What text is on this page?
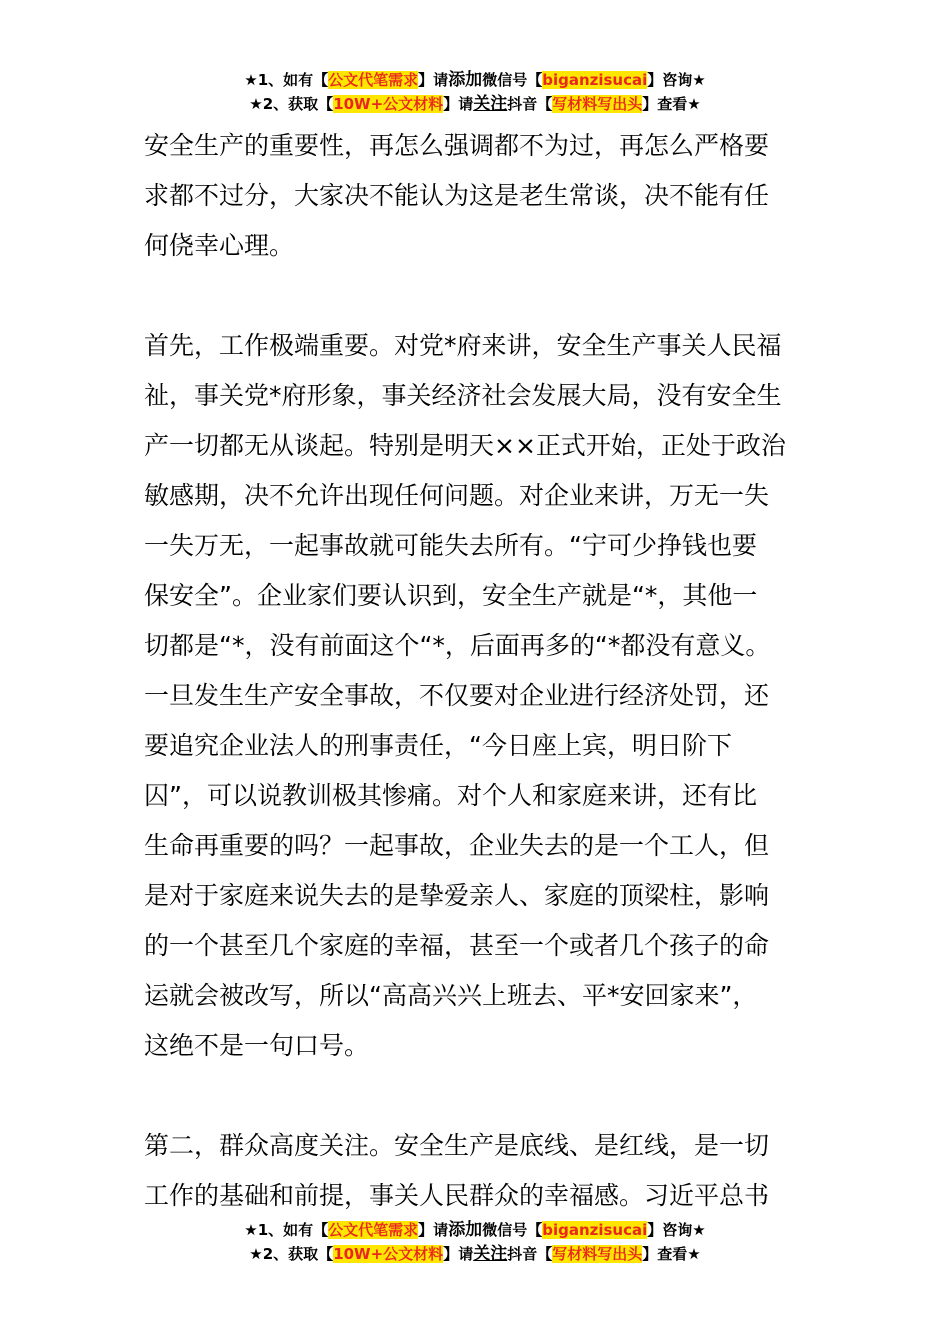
★1、如有【公文代笔需求】请添加微信号【biganzisucai】咨询★
★2、获取【10W+公文材料】请关注抖音【写材料写出头】查看★

安全生产的重要性，再怎么强调都不为过，再怎么严格要
求都不过分，大家决不能认为这是老生常谈，决不能有任
何侥幸心理。

首先，工作极端重要。对党*府来讲，安全生产事关人民福
祉，事关党*府形象，事关经济社会发展大局，没有安全生
产一切都无从谈起。特别是明天××正式开始，正处于政治
敏感期，决不允许出现任何问题。对企业来讲，万无一失
一失万无，一起事故就可能失去所有。“宁可少挣钱也要
保安全”。企业家们要认识到，安全生产就是“*，其他一
切都是“*，没有前面这个“*，后面再多的“*都没有意义。
一旦发生生产安全事故，不仅要对企业进行经济处罚，还
要追究企业法人的刑事责任，“今日座上宾，明日阶下
囚”，可以说教训极其惨痛。对个人和家庭来讲，还有比
生命再重要的吗？一起事故，企业失去的是一个工人，但
是对于家庭来说失去的是挚爱亲人、家庭的顶梁柱，影响
的一个甚至几个家庭的幸福，甚至一个或者几个孩子的命
运就会被改写，所以“高高兴兴上班去、平*安回家来”，
这绝不是一句口号。

第二，群众高度关注。安全生产是底线、是红线，是一切
工作的基础和前提，事关人民群众的幸福感。习近平总书

★1、如有【公文代笔需求】请添加微信号【biganzisucai】咨询★
★2、获取【10W+公文材料】请关注抖音【写材料写出头】查看★
